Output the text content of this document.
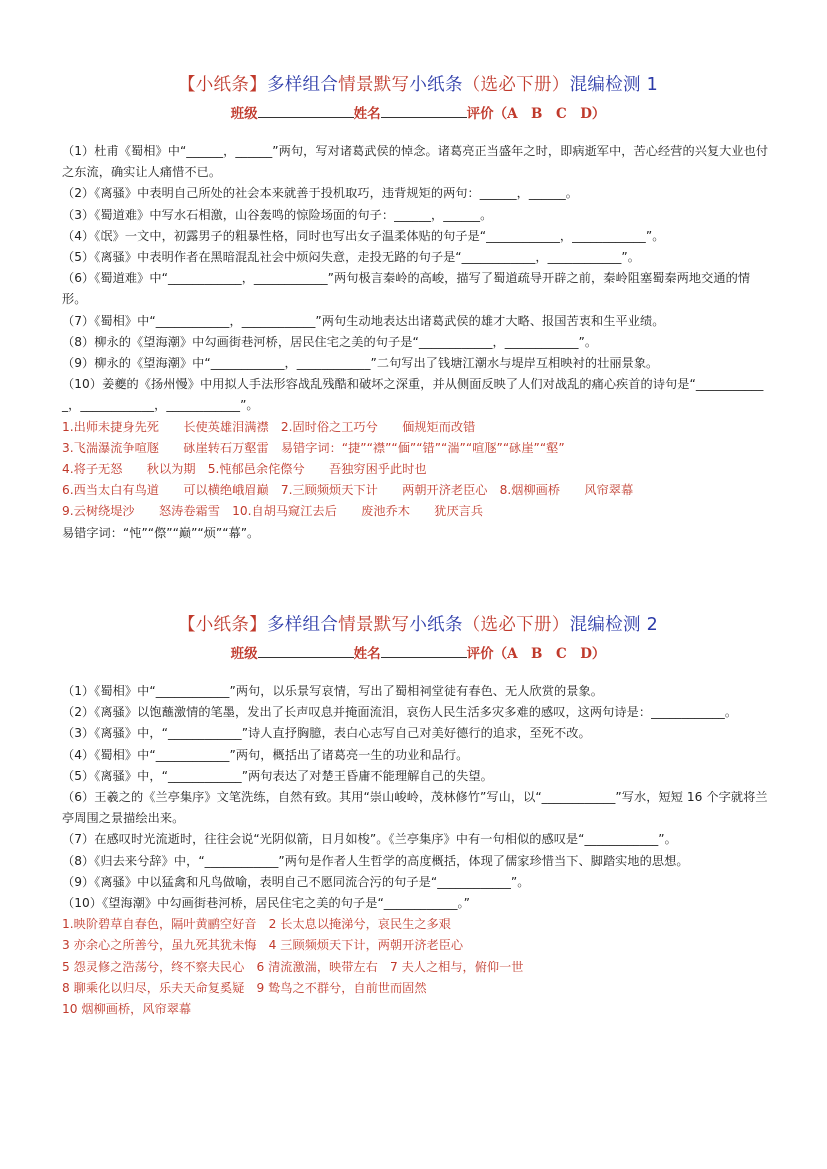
【小纸条】多样组合情景默写小纸条（选必下册）混编检测 1
班级	姓名	评价（A　B　C　D）
（1）杜甫《蜀相》中“______，______”两句，写对诸葛武侯的悼念。诸葛亮正当盛年之时，即病逝军中，苦心经营的兴复大业也付之东流，确实让人痛惜不已。
（2）《离骚》中表明自己所处的社会本来就善于投机取巧，违背规矩的两句：______，______。
（3）《蜀道难》中写水石相激，山谷轰鸣的惊险场面的句子：______，______。
（4）《氓》一文中，初露男子的粗暴性格，同时也写出女子温柔体贴的句子是“____________，____________”。
（5）《离骚》中表明作者在黑暗混乱社会中烦闷失意，走投无路的句子是“____________，____________”。
（6）《蜀道难》中“____________，____________”两句极言秦岭的高峻，描写了蜀道疏导开辟之前，秦岭阻塞蜀秦两地交通的情形。
（7）《蜀相》中“____________，____________”两句生动地表达出诸葛武侯的雄才大略、报国苦衷和生平业绩。
（8）柳永的《望海潮》中勾画街巷河桥，居民住宅之美的句子是“____________，____________”。
（9）柳永的《望海潮》中“____________，____________”二句写出了钱塘江潮水与堤岸互相映衬的壮丽景象。
（10）姜夔的《扬州慢》中用拟人手法形容战乱残酷和破坏之深重，并从侧面反映了人们对战乱的痛心疾首的诗句是“____________，____________，____________”。
1.出师未捷身先死　　长使英雄泪满襟　2.固时俗之工巧兮　　偭规矩而改错
3.飞湍瀑流争喧豗　　砯崖转石万壑雷　易错字词：“捷”“襟”“偭”“错”“湍”“喧豗”“砯崖”“壑”
4.将子无怒　　秋以为期　5.忳郁邑余侘傺兮　　吾独穷困乎此时也
6.西当太白有鸟道　　可以横绝峨眉巅　7.三顾频烦天下计　　两朝开济老臣心　8.烟柳画桥　　风帘翠幕
9.云树绕堤沙　　怒涛卷霜雪　10.自胡马窥江去后　　废池乔木　　犹厌言兵
易错字词：“忳”“傺”“巅”“烦”“幕”。
【小纸条】多样组合情景默写小纸条（选必下册）混编检测 2
班级	姓名	评价（A　B　C　D）
（1）《蜀相》中“____________”两句，以乐景写哀情，写出了蜀相祠堂徒有春色、无人欣赏的景象。
（2）《离骚》以饱蘸激情的笔墨，发出了长声叹息并掩面流泪，哀伤人民生活多灾多难的感叹，这两句诗是：____________。
（3）《离骚》中，“____________”诗人直抒胸臆，表白心志写自己对美好德行的追求，至死不改。
（4）《蜀相》中“____________”两句，概括出了诸葛亮一生的功业和品行。
（5）《离骚》中，“____________”两句表达了对楚王昏庸不能理解自己的失望。
（6）王羲之的《兰亭集序》文笔洗练，自然有致。其用“崇山峻岭，茂林修竹”写山，以“____________”写水，短短 16 个字就将兰亭周围之景描绘出来。
（7）在感叹时光流逝时，往往会说“光阴似箭，日月如梭”。《兰亭集序》中有一句相似的感叹是“____________”。
（8）《归去来兮辞》中，“____________”两句是作者人生哲学的高度概括，体现了儒家珍惜当下、脚踏实地的思想。
（9）《离骚》中以猛禽和凡鸟做喻，表明自己不愿同流合污的句子是“____________”。
（10）《望海潮》中勾画街巷河桥，居民住宅之美的句子是“____________。”
1.映阶碧草自春色，隔叶黄鹂空好音　2 长太息以掩涕兮，哀民生之多艰
3 亦余心之所善兮，虽九死其犹未悔　4 三顾频烦天下计，两朝开济老臣心
5 怨灵修之浩荡兮，终不察夫民心　6 清流激湍，映带左右　7 夫人之相与，俯仰一世
8 聊乘化以归尽，乐夫天命复奚疑　9 鸷鸟之不群兮，自前世而固然
10 烟柳画桥，风帘翠幕
